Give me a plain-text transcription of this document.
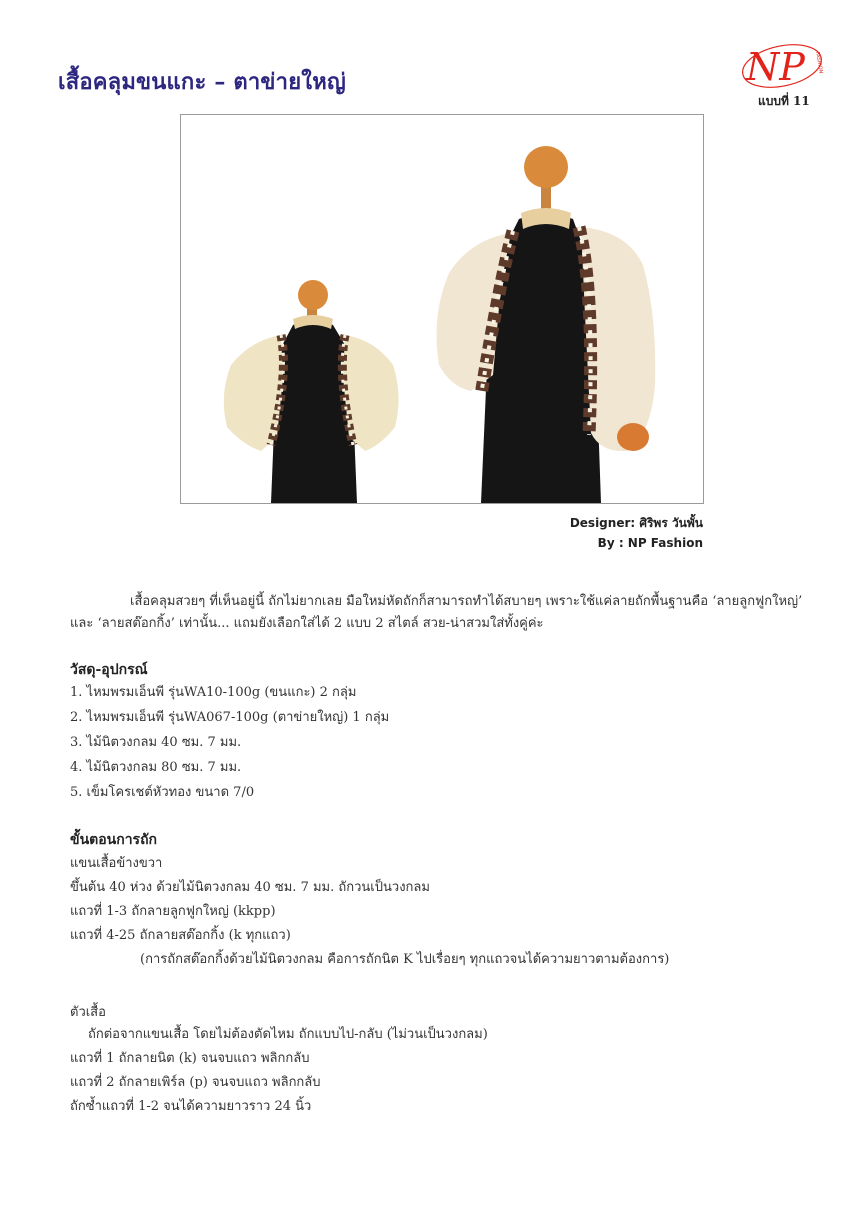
เสื้อคลุมขนแกะ – ตาข่ายใหญ่	NP FASHION
แบบที่ 11
Designer: ศิริพร วันพั้น
By : NP Fashion

เสื้อคลุมสวยๆ ที่เห็นอยู่นี้ ถักไม่ยากเลย มือใหม่หัดถักก็สามารถทำได้สบายๆ เพราะใช้แค่ลายถักพื้นฐานคือ ‘ลายลูกฟูกใหญ่’ และ ‘ลายสต๊อกกิ้ง’ เท่านั้น... แถมยังเลือกใส่ได้ 2 แบบ 2 สไตล์ สวย-น่าสวมใส่ทั้งคู่ค่ะ

วัสดุ-อุปกรณ์
1. ไหมพรมเอ็นพี รุ่นWA10-100g (ขนแกะ) 2 กลุ่ม
2. ไหมพรมเอ็นพี รุ่นWA067-100g (ตาข่ายใหญ่) 1 กลุ่ม
3. ไม้นิตวงกลม 40 ซม. 7 มม.
4. ไม้นิตวงกลม 80 ซม. 7 มม.
5. เข็มโครเชต์หัวทอง ขนาด 7/0
ขั้นตอนการถัก
แขนเสื้อข้างขวา
ขึ้นต้น 40 ห่วง ด้วยไม้นิตวงกลม 40 ซม. 7 มม. ถักวนเป็นวงกลม
แถวที่ 1-3 ถักลายลูกฟูกใหญ่ (kkpp)
แถวที่ 4-25 ถักลายสต๊อกกิ้ง (k ทุกแถว)
(การถักสต๊อกกิ้งด้วยไม้นิตวงกลม คือการถักนิต K ไปเรื่อยๆ ทุกแถวจนได้ความยาวตามต้องการ)
ตัวเสื้อ
ถักต่อจากแขนเสื้อ โดยไม่ต้องตัดไหม ถักแบบไป-กลับ (ไม่วนเป็นวงกลม)
แถวที่ 1 ถักลายนิต (k) จนจบแถว พลิกกลับ
แถวที่ 2 ถักลายเพิร์ล (p) จนจบแถว พลิกกลับ
ถักซ้ำแถวที่ 1-2 จนได้ความยาวราว 24 นิ้ว
